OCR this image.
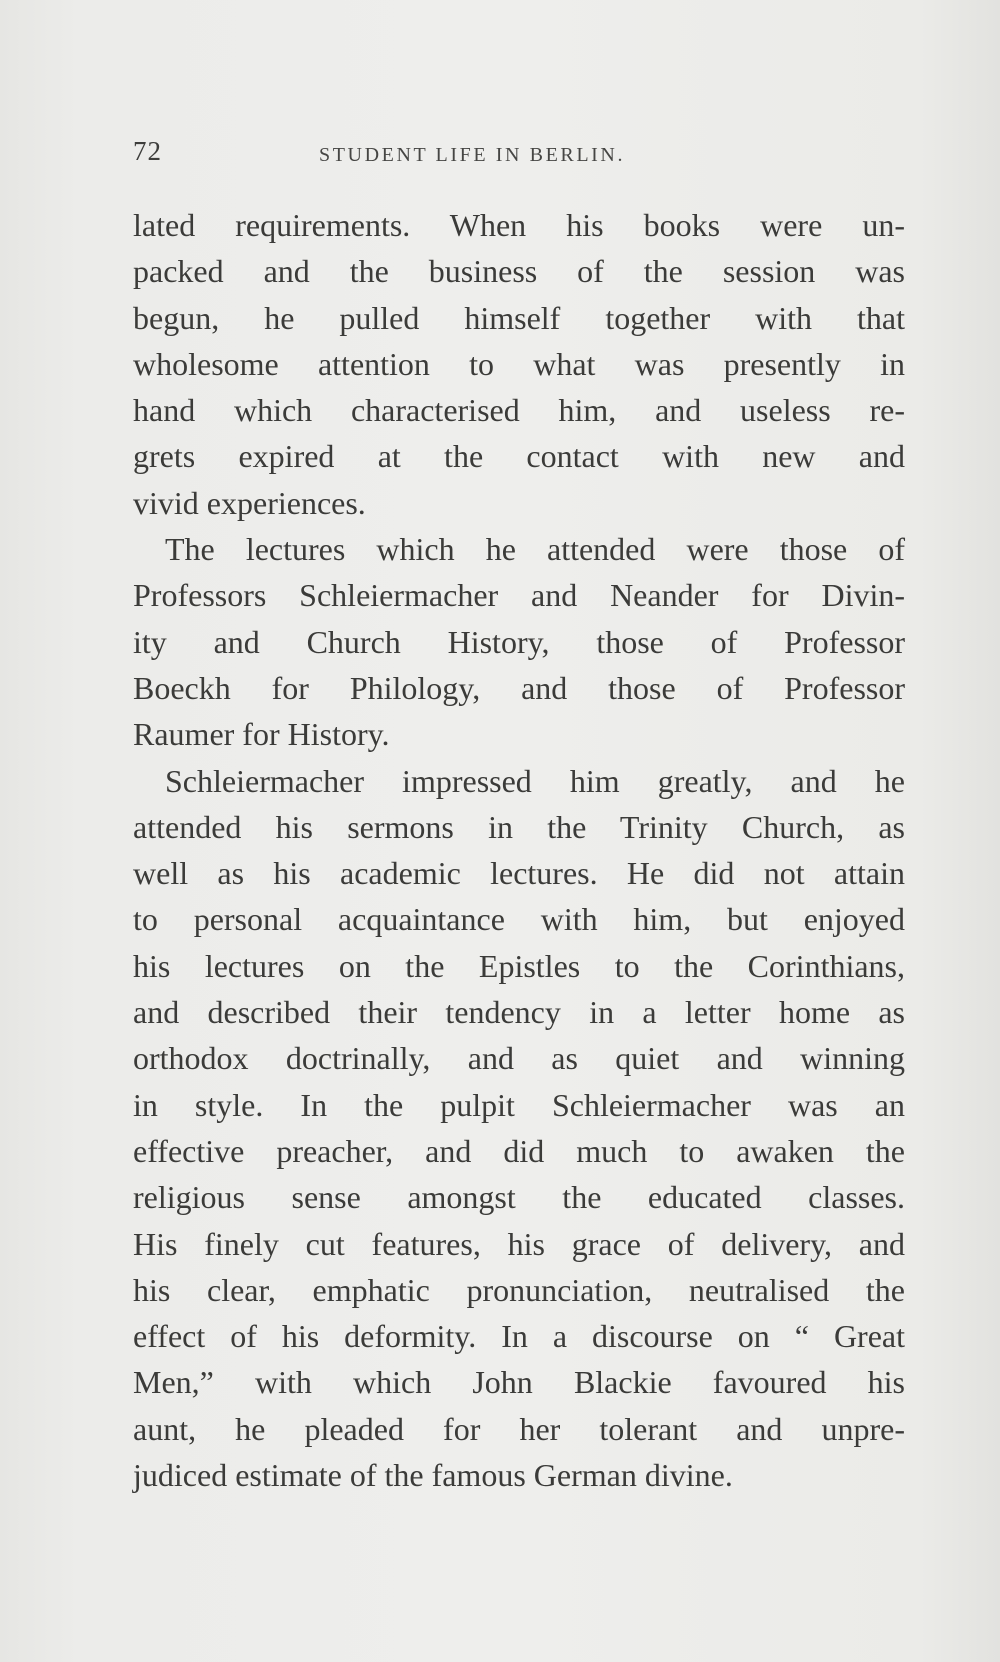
72	STUDENT LIFE IN BERLIN.
lated requirements. When his books were un-
packed and the business of the session was
begun, he pulled himself together with that
wholesome attention to what was presently in
hand which characterised him, and useless re-
grets expired at the contact with new and
vivid experiences.
The lectures which he attended were those of
Professors Schleiermacher and Neander for Divin-
ity and Church History, those of Professor
Boeckh for Philology, and those of Professor
Raumer for History.
Schleiermacher impressed him greatly, and he
attended his sermons in the Trinity Church, as
well as his academic lectures. He did not attain
to personal acquaintance with him, but enjoyed
his lectures on the Epistles to the Corinthians,
and described their tendency in a letter home as
orthodox doctrinally, and as quiet and winning
in style. In the pulpit Schleiermacher was an
effective preacher, and did much to awaken the
religious sense amongst the educated classes.
His finely cut features, his grace of delivery, and
his clear, emphatic pronunciation, neutralised the
effect of his deformity. In a discourse on “ Great
Men,” with which John Blackie favoured his
aunt, he pleaded for her tolerant and unpre-
judiced estimate of the famous German divine.
